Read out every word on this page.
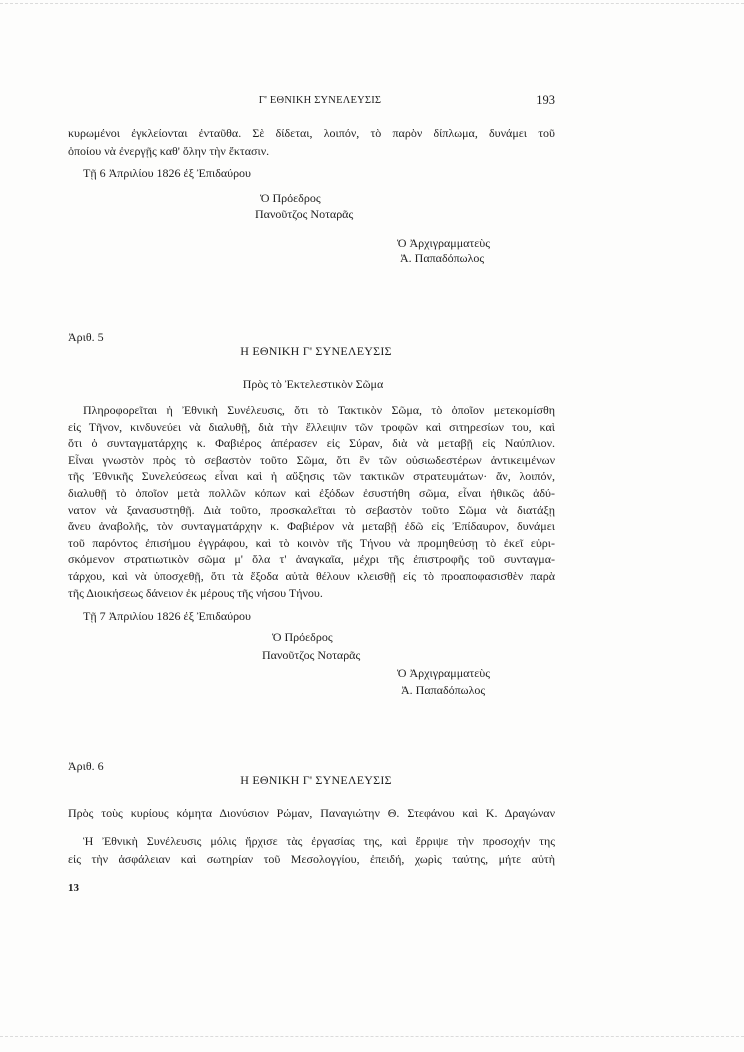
Γ' ΕΘΝΙΚΗ ΣΥΝΕΛΕΥΣΙΣ	193
κυρωμένοι ἐγκλείονται ἐνταῦθα. Σὲ δίδεται, λοιπόν, τὸ παρὸν δίπλωμα, δυνάμει τοῦ
ὁποίου νὰ ἐνεργῇς καθ' ὅλην τὴν ἔκτασιν.
Τῇ 6 Ἀπριλίου 1826 ἐξ Ἐπιδαύρου
Ὁ Πρόεδρος
Πανοῦτζος Νοταρᾶς
Ὁ Ἀρχιγραμματεὺς
Ἀ. Παπαδόπωλος
Ἀριθ. 5
Η ΕΘΝΙΚΗ Γ' ΣΥΝΕΛΕΥΣΙΣ
Πρὸς τὸ Ἐκτελεστικὸν Σῶμα
Πληροφορεῖται ἡ Ἐθνικὴ Συνέλευσις, ὅτι τὸ Τακτικὸν Σῶμα, τὸ ὁποῖον μετεκομίσθη
εἰς Τῆνον, κινδυνεύει νὰ διαλυθῇ, διὰ τὴν ἔλλειψιν τῶν τροφῶν καὶ σιτηρεσίων του, καὶ
ὅτι ὁ συνταγματάρχης κ. Φαβιέρος ἀπέρασεν εἰς Σύραν, διὰ νὰ μεταβῇ εἰς Ναύπλιον.
Εἶναι γνωστὸν πρὸς τὸ σεβαστὸν τοῦτο Σῶμα, ὅτι ἓν τῶν οὐσιωδεστέρων ἀντικειμένων
τῆς Ἐθνικῆς Συνελεύσεως εἶναι καὶ ἡ αὔξησις τῶν τακτικῶν στρατευμάτων· ἄν, λοιπόν,
διαλυθῇ τὸ ὁποῖον μετὰ πολλῶν κόπων καὶ ἐξόδων ἐσυστήθη σῶμα, εἶναι ἠθικῶς ἀδύ-
νατον νὰ ξανασυστηθῇ. Διὰ τοῦτο, προσκαλεῖται τὸ σεβαστὸν τοῦτο Σῶμα νὰ διατάξῃ
ἄνευ ἀναβολῆς, τὸν συνταγματάρχην κ. Φαβιέρον νὰ μεταβῇ ἐδῶ εἰς Ἐπίδαυρον, δυνάμει
τοῦ παρόντος ἐπισήμου ἐγγράφου, καὶ τὸ κοινὸν τῆς Τήνου νὰ προμηθεύσῃ τὸ ἐκεῖ εὑρι-
σκόμενον στρατιωτικὸν σῶμα μ' ὅλα τ' ἀναγκαῖα, μέχρι τῆς ἐπιστροφῆς τοῦ συνταγμα-
τάρχου, καὶ νὰ ὑποσχεθῇ, ὅτι τὰ ἔξοδα αὐτὰ θέλουν κλεισθῇ εἰς τὸ προαποφασισθὲν παρὰ
τῆς Διοικήσεως δάνειον ἐκ μέρους τῆς νήσου Τήνου.
Τῇ 7 Ἀπριλίου 1826 ἐξ Ἐπιδαύρου
Ὁ Πρόεδρος
Πανοῦτζος Νοταρᾶς
Ὁ Ἀρχιγραμματεὺς
Ἀ. Παπαδόπωλος
Ἀριθ. 6
Η ΕΘΝΙΚΗ Γ' ΣΥΝΕΛΕΥΣΙΣ
Πρὸς τοὺς κυρίους κόμητα Διονύσιον Ρώμαν, Παναγιώτην Θ. Στεφάνου καὶ Κ. Δραγώναν
Ἡ Ἐθνικὴ Συνέλευσις μόλις ἤρχισε τὰς ἐργασίας της, καὶ ἔρριψε τὴν προσοχήν της
εἰς τὴν ἀσφάλειαν καὶ σωτηρίαν τοῦ Μεσολογγίου, ἐπειδή, χωρὶς ταύτης, μήτε αὐτὴ
13
